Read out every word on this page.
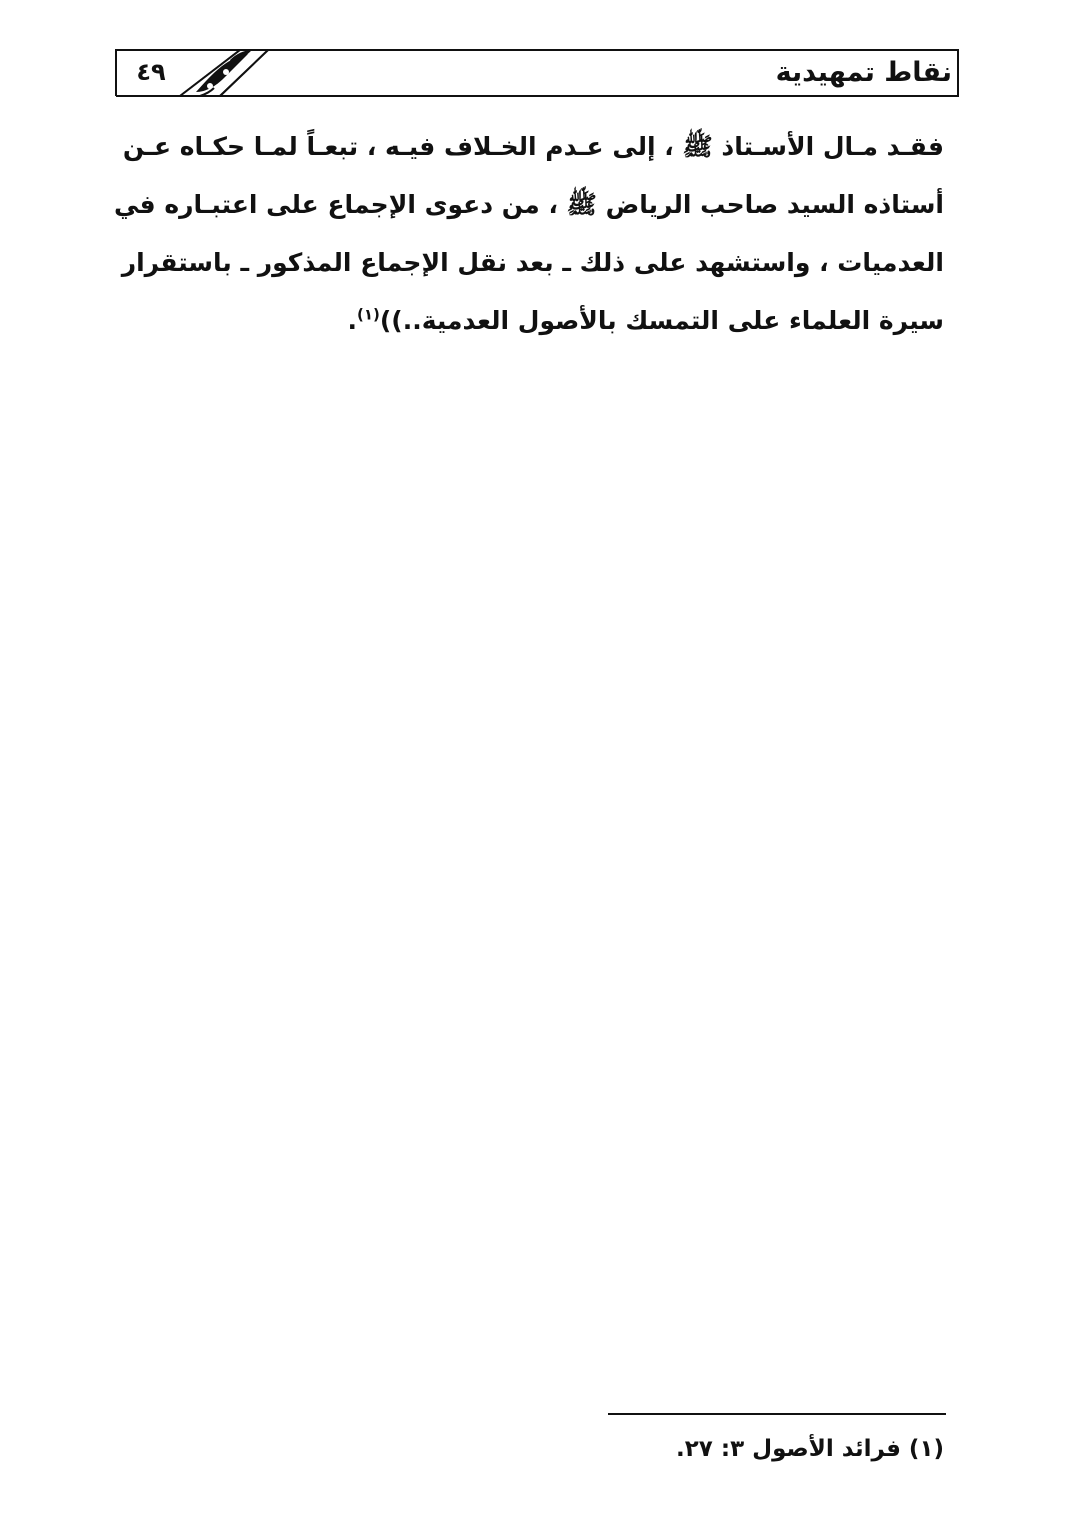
نقاط تمهيدية
٤٩
فقـد مـال الأسـتاذ ﷺ ، إلى عـدم الخـلاف فيـه ، تبعـاً لمـا حكـاه عـن
أستاذه السيد صاحب الرياض ﷺ ، من دعوى الإجماع على اعتبـاره في
العدميات ، واستشهد على ذلك ـ بعد نقل الإجماع المذكور ـ باستقرار
سيرة العلماء على التمسك بالأصول العدمية..))$^{(١)}$.
(١) فرائد الأصول ٣: ٢٧.
